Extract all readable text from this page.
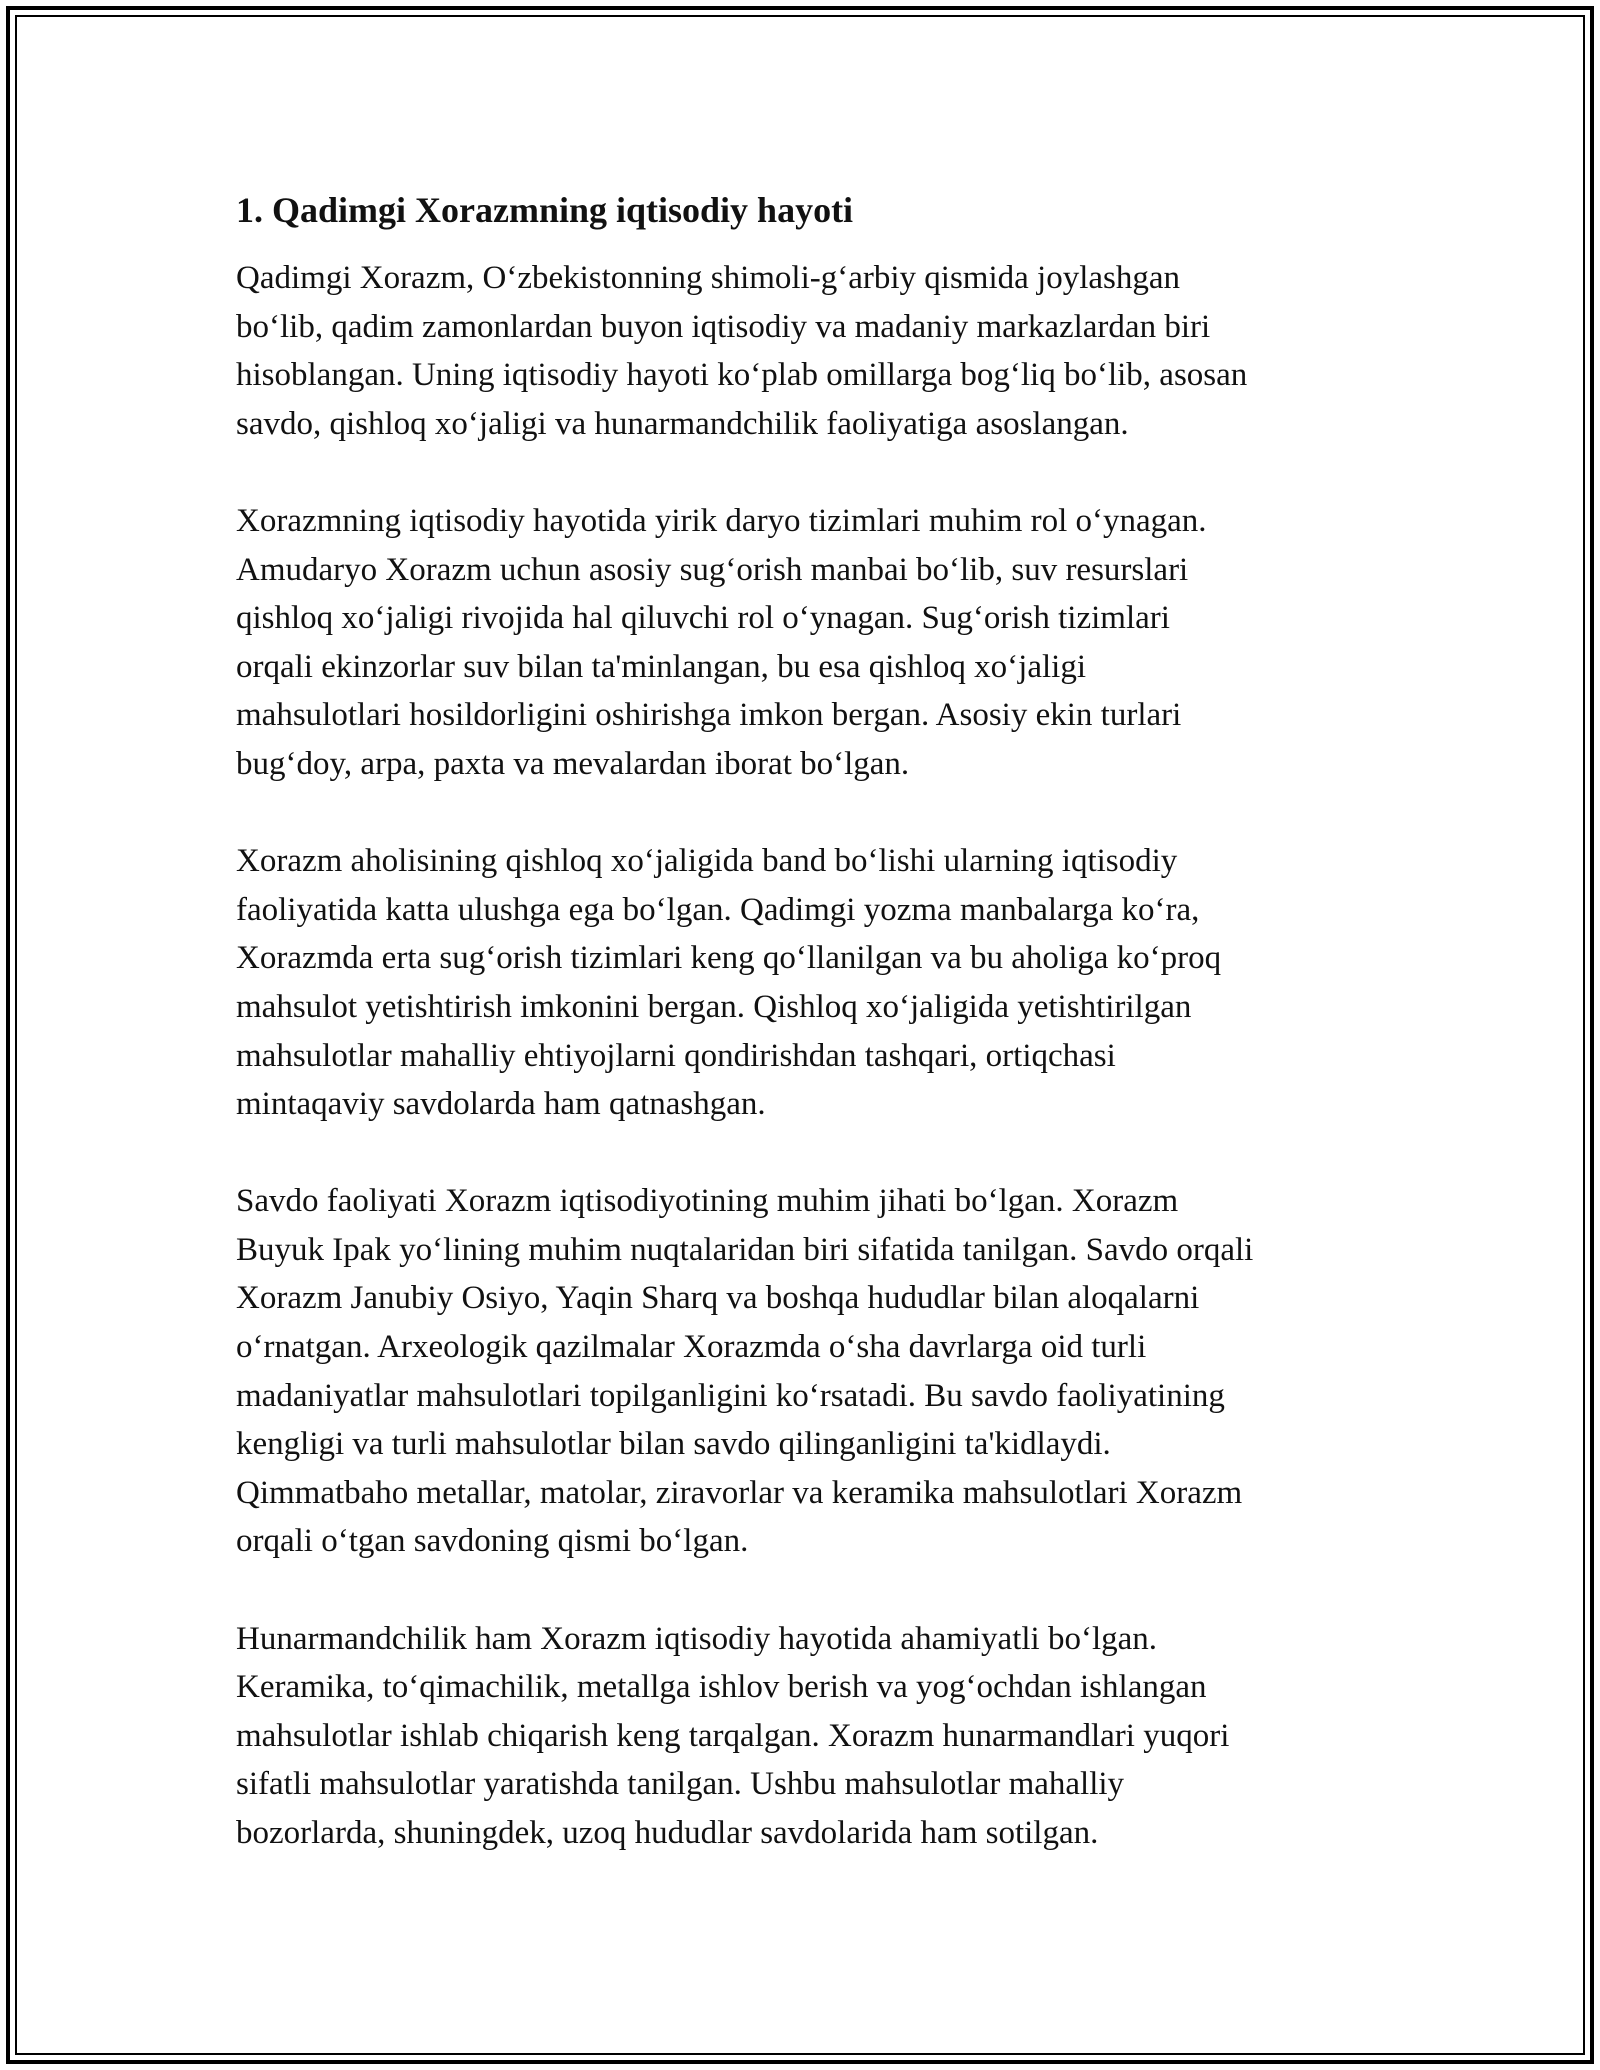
1. Qadimgi Xorazmning iqtisodiy hayoti

Qadimgi Xorazm, O‘zbekistonning shimoli-g‘arbiy qismida joylashgan
bo‘lib, qadim zamonlardan buyon iqtisodiy va madaniy markazlardan biri
hisoblangan. Uning iqtisodiy hayoti ko‘plab omillarga bog‘liq bo‘lib, asosan
savdo, qishloq xo‘jaligi va hunarmandchilik faoliyatiga asoslangan.

Xorazmning iqtisodiy hayotida yirik daryo tizimlari muhim rol o‘ynagan.
Amudaryo Xorazm uchun asosiy sug‘orish manbai bo‘lib, suv resurslari
qishloq xo‘jaligi rivojida hal qiluvchi rol o‘ynagan. Sug‘orish tizimlari
orqali ekinzorlar suv bilan ta'minlangan, bu esa qishloq xo‘jaligi
mahsulotlari hosildorligini oshirishga imkon bergan. Asosiy ekin turlari
bug‘doy, arpa, paxta va mevalardan iborat bo‘lgan.

Xorazm aholisining qishloq xo‘jaligida band bo‘lishi ularning iqtisodiy
faoliyatida katta ulushga ega bo‘lgan. Qadimgi yozma manbalarga ko‘ra,
Xorazmda erta sug‘orish tizimlari keng qo‘llanilgan va bu aholiga ko‘proq
mahsulot yetishtirish imkonini bergan. Qishloq xo‘jaligida yetishtirilgan
mahsulotlar mahalliy ehtiyojlarni qondirishdan tashqari, ortiqchasi
mintaqaviy savdolarda ham qatnashgan.

Savdo faoliyati Xorazm iqtisodiyotining muhim jihati bo‘lgan. Xorazm
Buyuk Ipak yo‘lining muhim nuqtalaridan biri sifatida tanilgan. Savdo orqali
Xorazm Janubiy Osiyo, Yaqin Sharq va boshqa hududlar bilan aloqalarni
o‘rnatgan. Arxeologik qazilmalar Xorazmda o‘sha davrlarga oid turli
madaniyatlar mahsulotlari topilganligini ko‘rsatadi. Bu savdo faoliyatining
kengligi va turli mahsulotlar bilan savdo qilinganligini ta'kidlaydi.
Qimmatbaho metallar, matolar, ziravorlar va keramika mahsulotlari Xorazm
orqali o‘tgan savdoning qismi bo‘lgan.

Hunarmandchilik ham Xorazm iqtisodiy hayotida ahamiyatli bo‘lgan.
Keramika, to‘qimachilik, metallga ishlov berish va yog‘ochdan ishlangan
mahsulotlar ishlab chiqarish keng tarqalgan. Xorazm hunarmandlari yuqori
sifatli mahsulotlar yaratishda tanilgan. Ushbu mahsulotlar mahalliy
bozorlarda, shuningdek, uzoq hududlar savdolarida ham sotilgan.
